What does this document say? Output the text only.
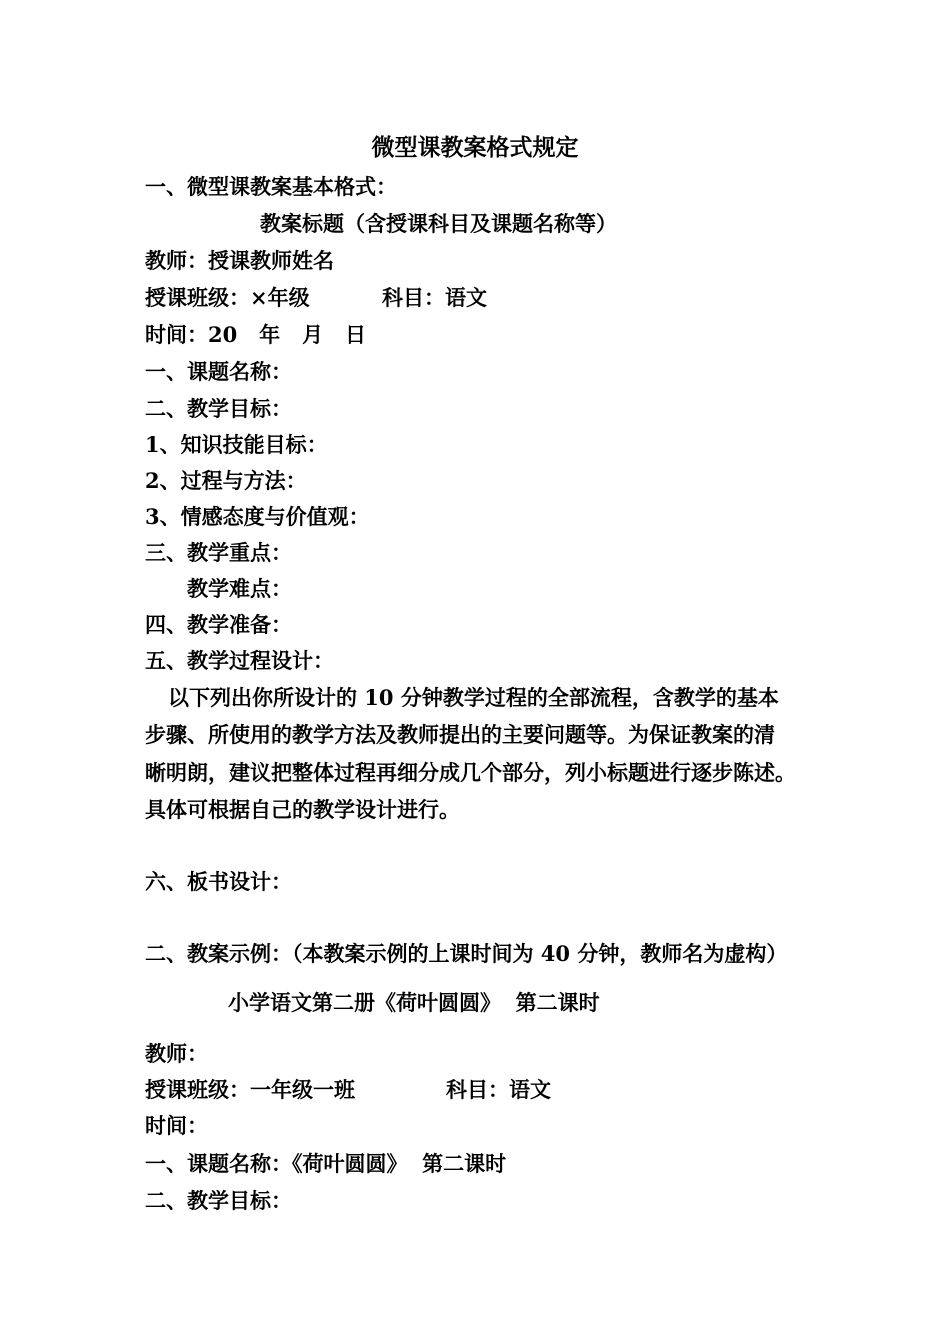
微型课教案格式规定
一、微型课教案基本格式：
教案标题（含授课科目及课题名称等）
教师：授课教师姓名
授课班级：×年级	科目：语文
时间：20   年   月   日
一、课题名称：
二、教学目标：
1、知识技能目标：
2、过程与方法：
3、情感态度与价值观：
三、教学重点：
教学难点：
四、教学准备：
五、教学过程设计：
以下列出你所设计的 10 分钟教学过程的全部流程，含教学的基本
步骤、所使用的教学方法及教师提出的主要问题等。为保证教案的清
晰明朗，建议把整体过程再细分成几个部分，列小标题进行逐步陈述。
具体可根据自己的教学设计进行。
六、板书设计：
二、教案示例：（本教案示例的上课时间为 40 分钟，教师名为虚构）
小学语文第二册《荷叶圆圆》  第二课时
教师：
授课班级：一年级一班	科目：语文
时间：
一、课题名称：《荷叶圆圆》  第二课时
二、教学目标：
